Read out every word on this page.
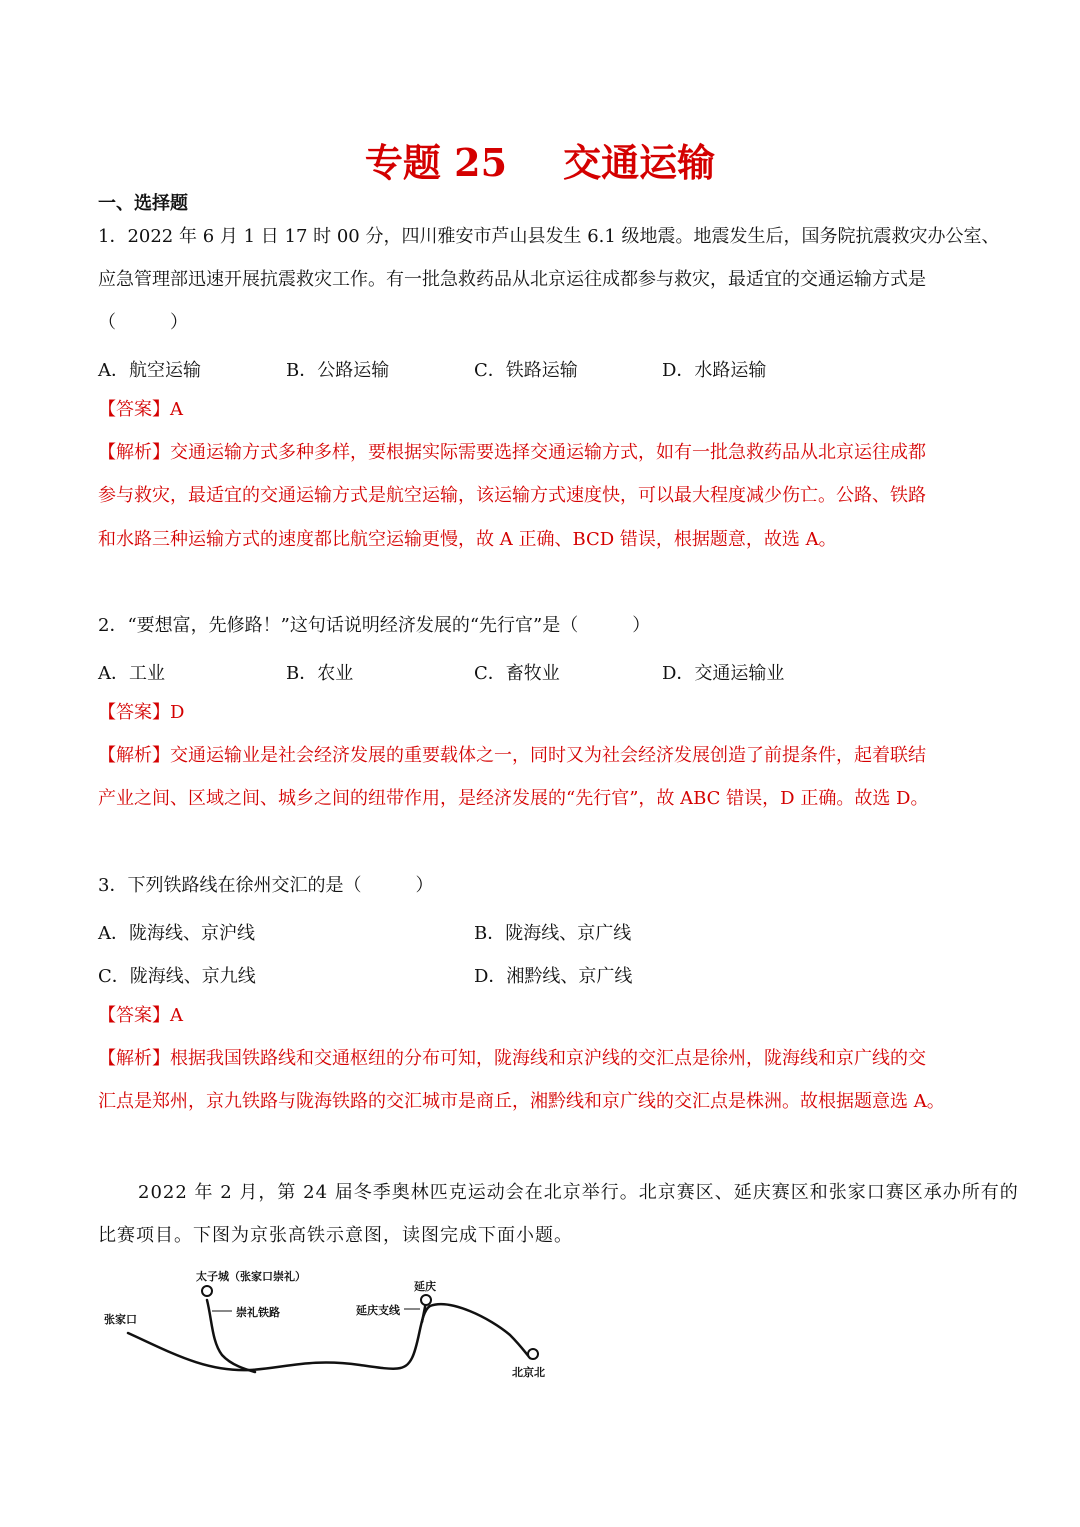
专题 25 交通运输
一、选择题
1．2022 年 6 月 1 日 17 时 00 分，四川雅安市芦山县发生 6.1 级地震。地震发生后，国务院抗震救灾办公室、
应急管理部迅速开展抗震救灾工作。有一批急救药品从北京运往成都参与救灾，最适宜的交通运输方式是
（　　　）
A．航空运输	B．公路运输	C．铁路运输	D．水路运输
【答案】A
【解析】交通运输方式多种多样，要根据实际需要选择交通运输方式，如有一批急救药品从北京运往成都
参与救灾，最适宜的交通运输方式是航空运输，该运输方式速度快，可以最大程度减少伤亡。公路、铁路
和水路三种运输方式的速度都比航空运输更慢，故 A 正确、BCD 错误，根据题意，故选 A。
2．“要想富，先修路！”这句话说明经济发展的“先行官”是（　　　）
A．工业	B．农业	C．畜牧业	D．交通运输业
【答案】D
【解析】交通运输业是社会经济发展的重要载体之一，同时又为社会经济发展创造了前提条件，起着联结
产业之间、区域之间、城乡之间的纽带作用，是经济发展的“先行官”，故 ABC 错误，D 正确。故选 D。
3．下列铁路线在徐州交汇的是（　　　）
A．陇海线、京沪线	B．陇海线、京广线
C．陇海线、京九线	D．湘黔线、京广线
【答案】A
【解析】根据我国铁路线和交通枢纽的分布可知，陇海线和京沪线的交汇点是徐州，陇海线和京广线的交
汇点是郑州，京九铁路与陇海铁路的交汇城市是商丘，湘黔线和京广线的交汇点是株洲。故根据题意选 A。
2022 年 2 月，第 24 届冬季奥林匹克运动会在北京举行。北京赛区、延庆赛区和张家口赛区承办所有的
比赛项目。下图为京张高铁示意图，读图完成下面小题。
太子城（张家口崇礼）
崇礼铁路
张家口
延庆
延庆支线
北京北
